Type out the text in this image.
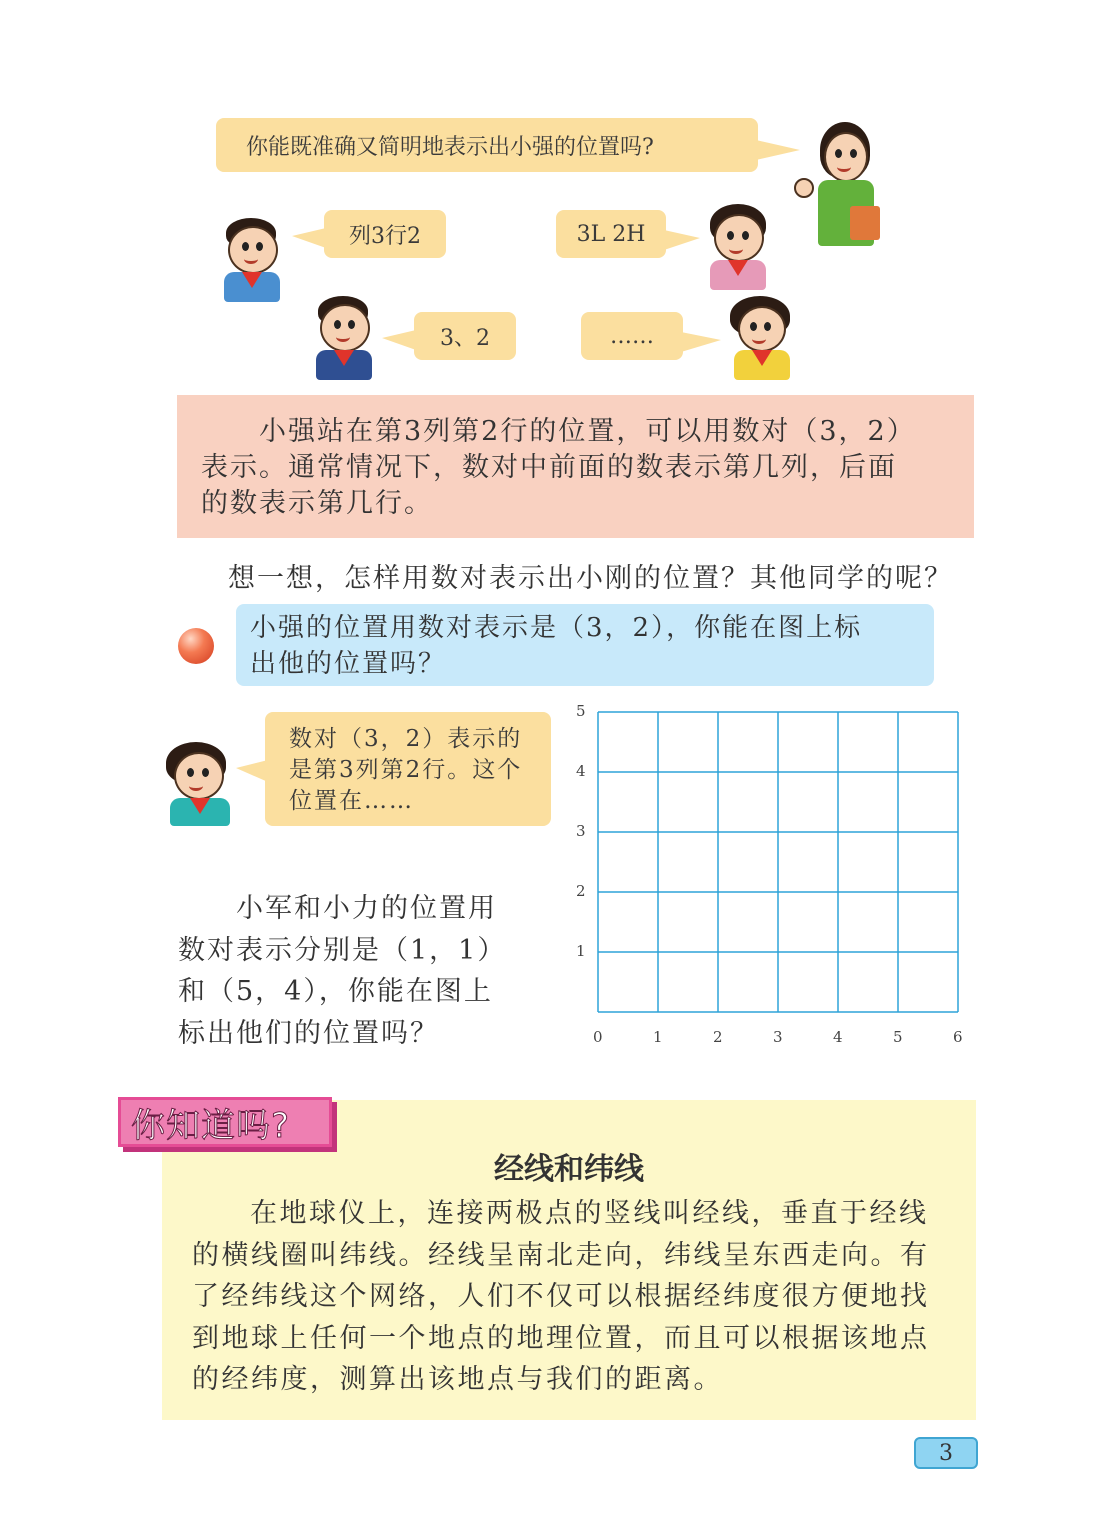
你能既准确又简明地表示出小强的位置吗?
列3行2	3L 2H
3、2	……

小强站在第3列第2行的位置，可以用数对（3，2）

表示。通常情况下，数对中前面的数表示第几列，后面

的数表示第几行。

想一想，怎样用数对表示出小刚的位置？其他同学的呢？
小强的位置用数对表示是（3，2），你能在图上标
出他的位置吗？
数对（3，2）表示的
是第3列第2行。这个
位置在……
小军和小力的位置用
数对表示分别是（1，1）
和（5，4），你能在图上
标出他们的位置吗？	0	1	2	3	4	5	6
1
2
3
4
5
你知道吗?
经线和纬线
在地球仪上，连接两极点的竖线叫经线，垂直于经线
的横线圈叫纬线。经线呈南北走向，纬线呈东西走向。有
了经纬线这个网络，人们不仅可以根据经纬度很方便地找
到地球上任何一个地点的地理位置，而且可以根据该地点
的经纬度，测算出该地点与我们的距离。
3
